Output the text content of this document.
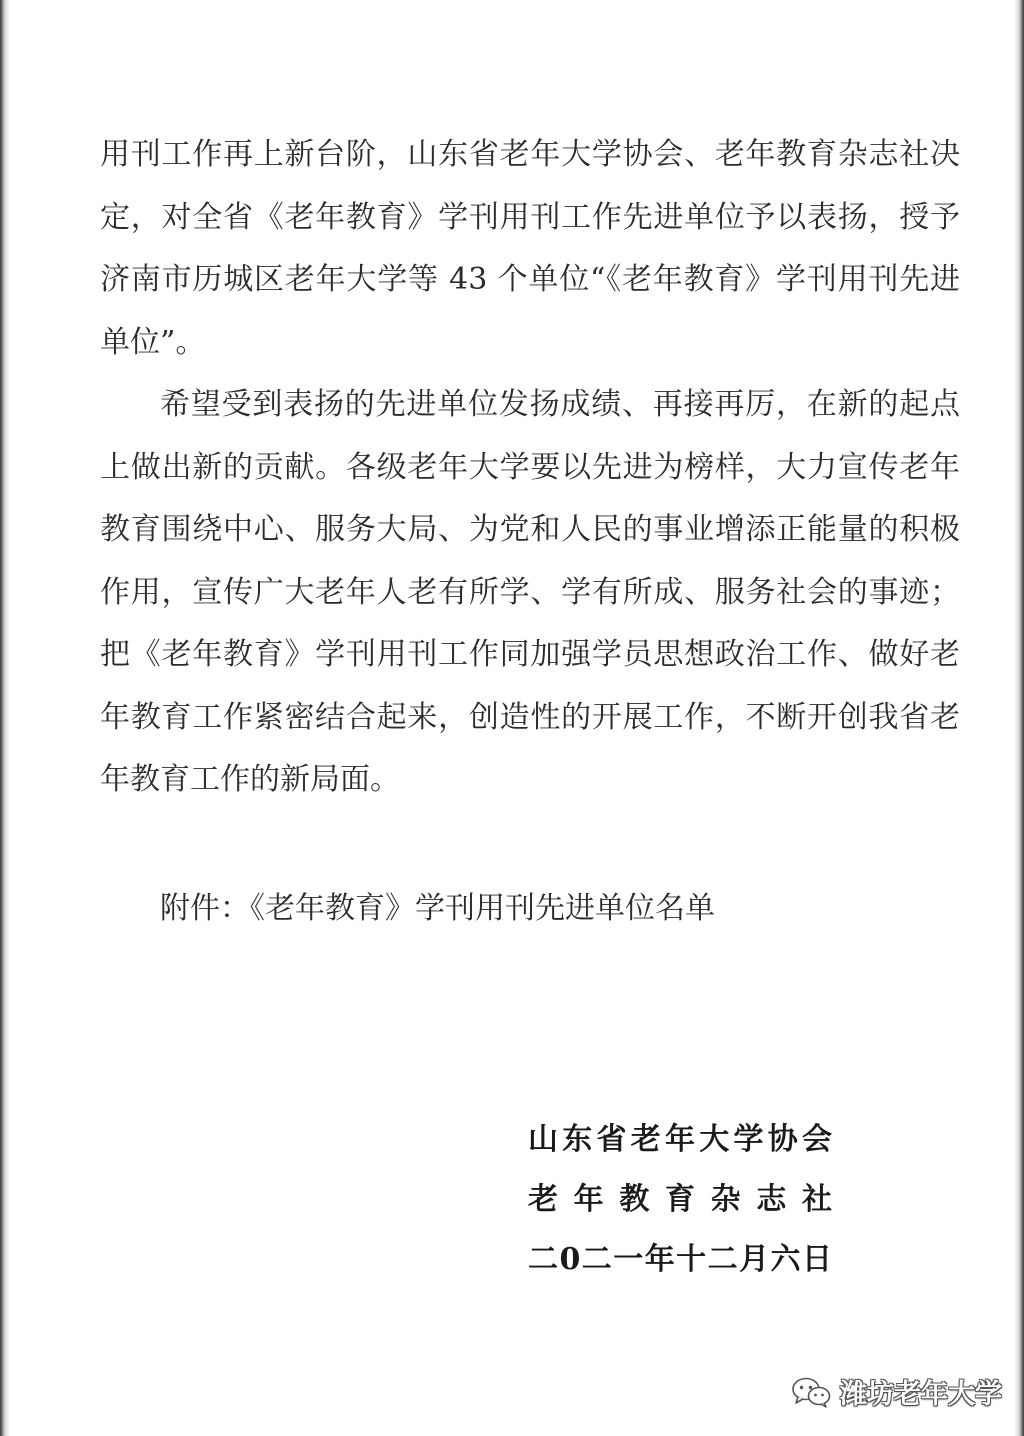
用刊工作再上新台阶，山东省老年大学协会、老年教育杂志社决
定，对全省《老年教育》学刊用刊工作先进单位予以表扬，授予
济南市历城区老年大学等 43 个单位“《老年教育》学刊用刊先进
单位”。
希望受到表扬的先进单位发扬成绩、再接再厉，在新的起点
上做出新的贡献。各级老年大学要以先进为榜样，大力宣传老年
教育围绕中心、服务大局、为党和人民的事业增添正能量的积极
作用，宣传广大老年人老有所学、学有所成、服务社会的事迹；
把《老年教育》学刊用刊工作同加强学员思想政治工作、做好老
年教育工作紧密结合起来，创造性的开展工作，不断开创我省老
年教育工作的新局面。
附件：《老年教育》学刊用刊先进单位名单
山东省老年大学协会
老年教育杂志社
二0二一年十二月六日
潍坊老年大学
